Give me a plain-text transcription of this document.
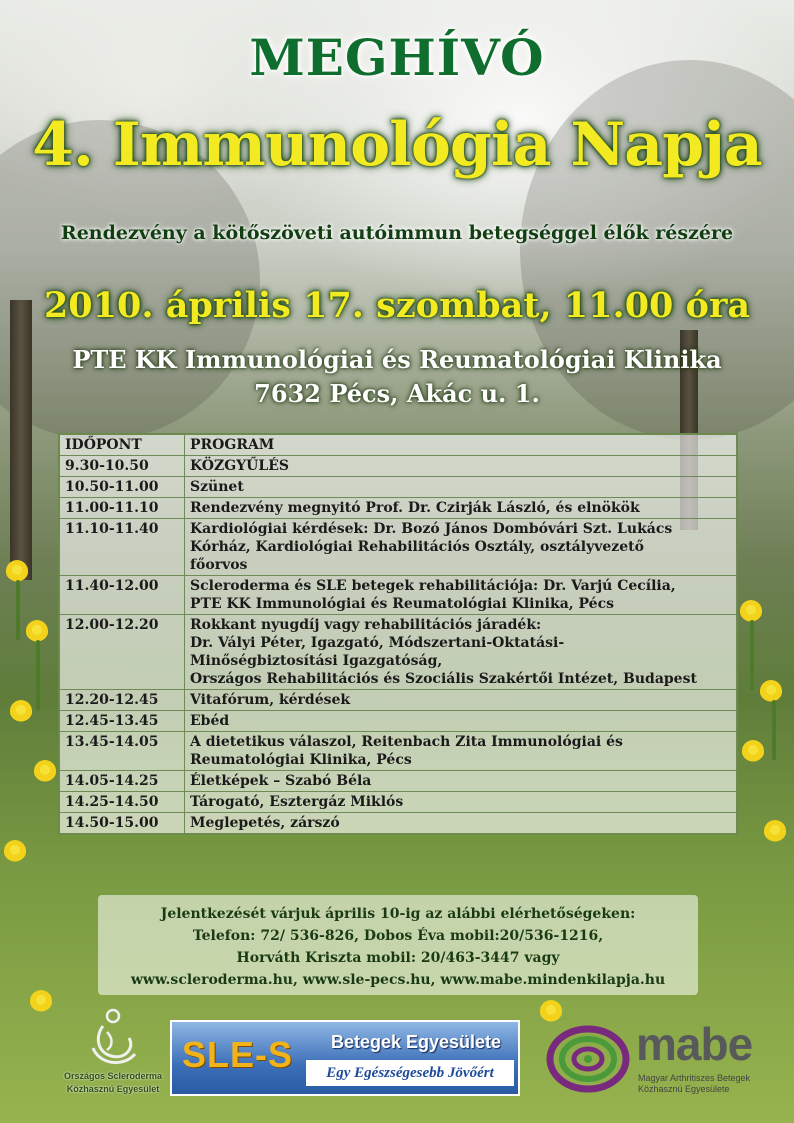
MEGHÍVÓ
4. Immunológia Napja
Rendezvény a kötőszöveti autóimmun betegséggel élők részére
2010. április 17. szombat, 11.00 óra
PTE KK Immunológiai és Reumatológiai Klinika
7632 Pécs, Akác u. 1.
IDŐPONT	PROGRAM
9.30-10.50	KÖZGYŰLÉS

10.50-11.00	Szünet

11.00-11.10	Rendezvény megnyitó Prof. Dr. Czirják László, és elnökök

11.10-11.40	Kardiológiai kérdések: Dr. Bozó János Dombóvári Szt. Lukács
Kórház, Kardiológiai Rehabilitációs Osztály, osztályvezető
főorvos

11.40-12.00	Scleroderma és SLE betegek rehabilitációja: Dr. Varjú Cecília,
PTE KK Immunológiai és Reumatológiai Klinika, Pécs

12.00-12.20	Rokkant nyugdíj vagy rehabilitációs járadék:
Dr. Vályi Péter, Igazgató, Módszertani-Oktatási-
Minőségbiztosítási Igazgatóság,
Országos Rehabilitációs és Szociális Szakértői Intézet, Budapest

12.20-12.45	Vitafórum, kérdések

12.45-13.45	Ebéd

13.45-14.05	A dietetikus válaszol, Reitenbach Zita Immunológiai és
Reumatológiai Klinika, Pécs

14.05-14.25	Életképek – Szabó Béla

14.25-14.50	Tárogató, Esztergáz Miklós

14.50-15.00	Meglepetés, zárszó
Jelentkezését várjuk április 10-ig az alábbi elérhetőségeken:
Telefon: 72/ 536-826, Dobos Éva mobil:20/536-1216,
Horváth Kriszta mobil: 20/463-3447 vagy
www.scleroderma.hu, www.sle-pecs.hu, www.mabe.mindenkilapja.hu
Országos Scleroderma
Közhasznú Egyesület
SLE-S	Betegek Egyesülete
Egy Egészségesebb Jövőért
mabe
Magyar Arthritiszes Betegek
Közhasznú Egyesülete
